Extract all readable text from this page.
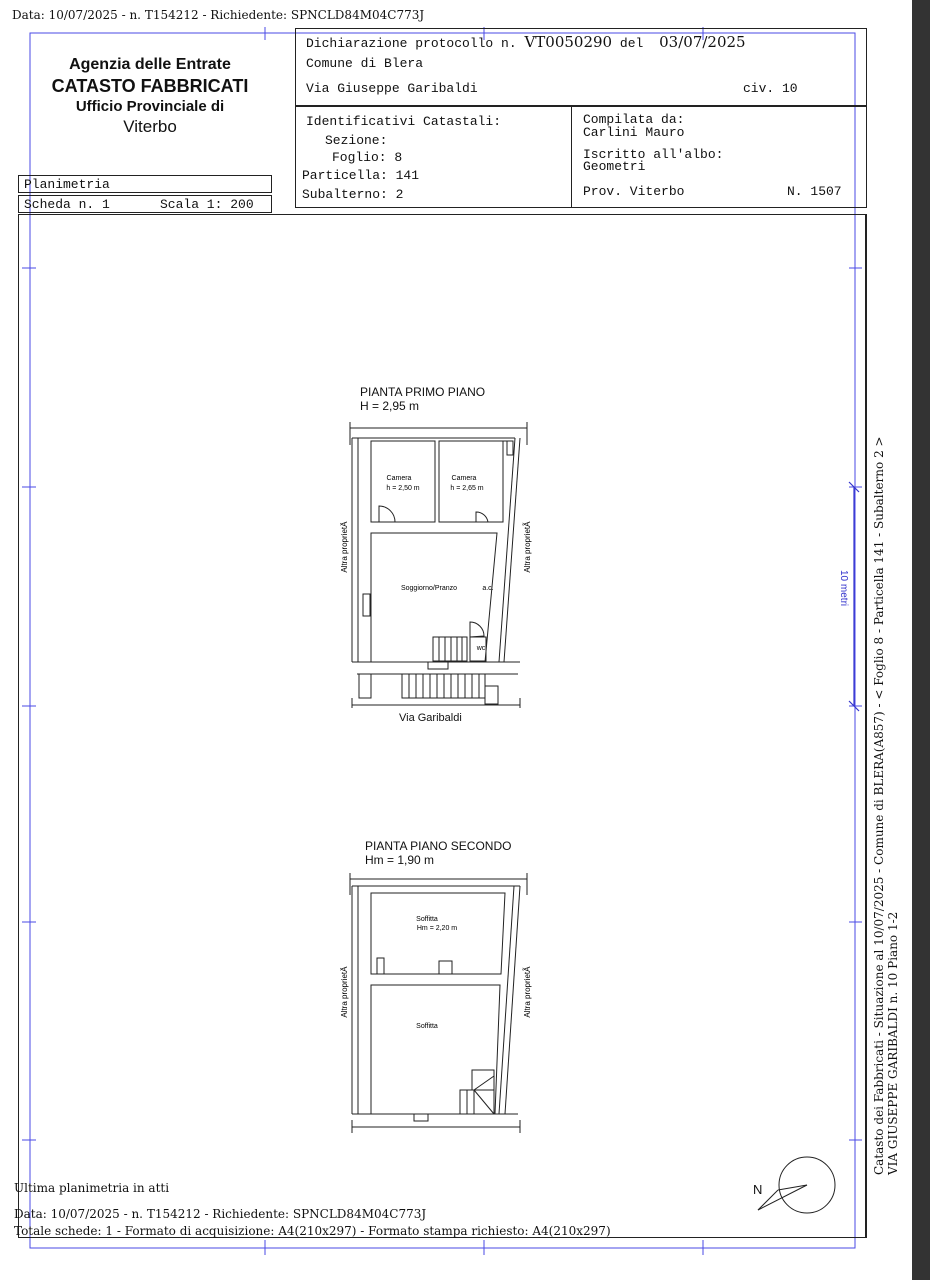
Data: 10/07/2025 - n. T154212 - Richiedente: SPNCLD84M04C773J
Agenzia delle Entrate
CATASTO FABBRICATI
Ufficio Provinciale di
Viterbo
Planimetria
Scheda n. 1	Scala 1: 200
Dichiarazione protocollo n. VT0050290 del 03/07/2025
Comune di Blera
Via Giuseppe Garibaldi	civ. 10
Identificativi Catastali:
Sezione:
Foglio: 8
Particella: 141
Subalterno: 2
Compilata da:
Carlini Mauro
Iscritto all'albo:
Geometri
Prov. Viterbo	N. 1507
PIANTA PRIMO PIANO
H = 2,95 m
Camera
h = 2,50 m
Camera
h = 2,65 m
Soggiorno/Pranzo	a.c.
wc
Altra proprietÃ	Altra proprietÃ
Via Garibaldi
PIANTA PIANO SECONDO
Hm = 1,90 m
Soffitta
Hm = 2,20 m
Soffitta
Altra proprietÃ	Altra proprietÃ
10 metri Catasto dei Fabbricati - Situazione al 10/07/2025 - Comune di BLERA(A857) - < Foglio 8 - Particella 141 - Subalterno 2 > VIA GIUSEPPE GARIBALDI n. 10 Piano 1-2
N
Ultima planimetria in atti
Data: 10/07/2025 - n. T154212 - Richiedente: SPNCLD84M04C773J
Totale schede: 1 - Formato di acquisizione: A4(210x297) - Formato stampa richiesto: A4(210x297)
